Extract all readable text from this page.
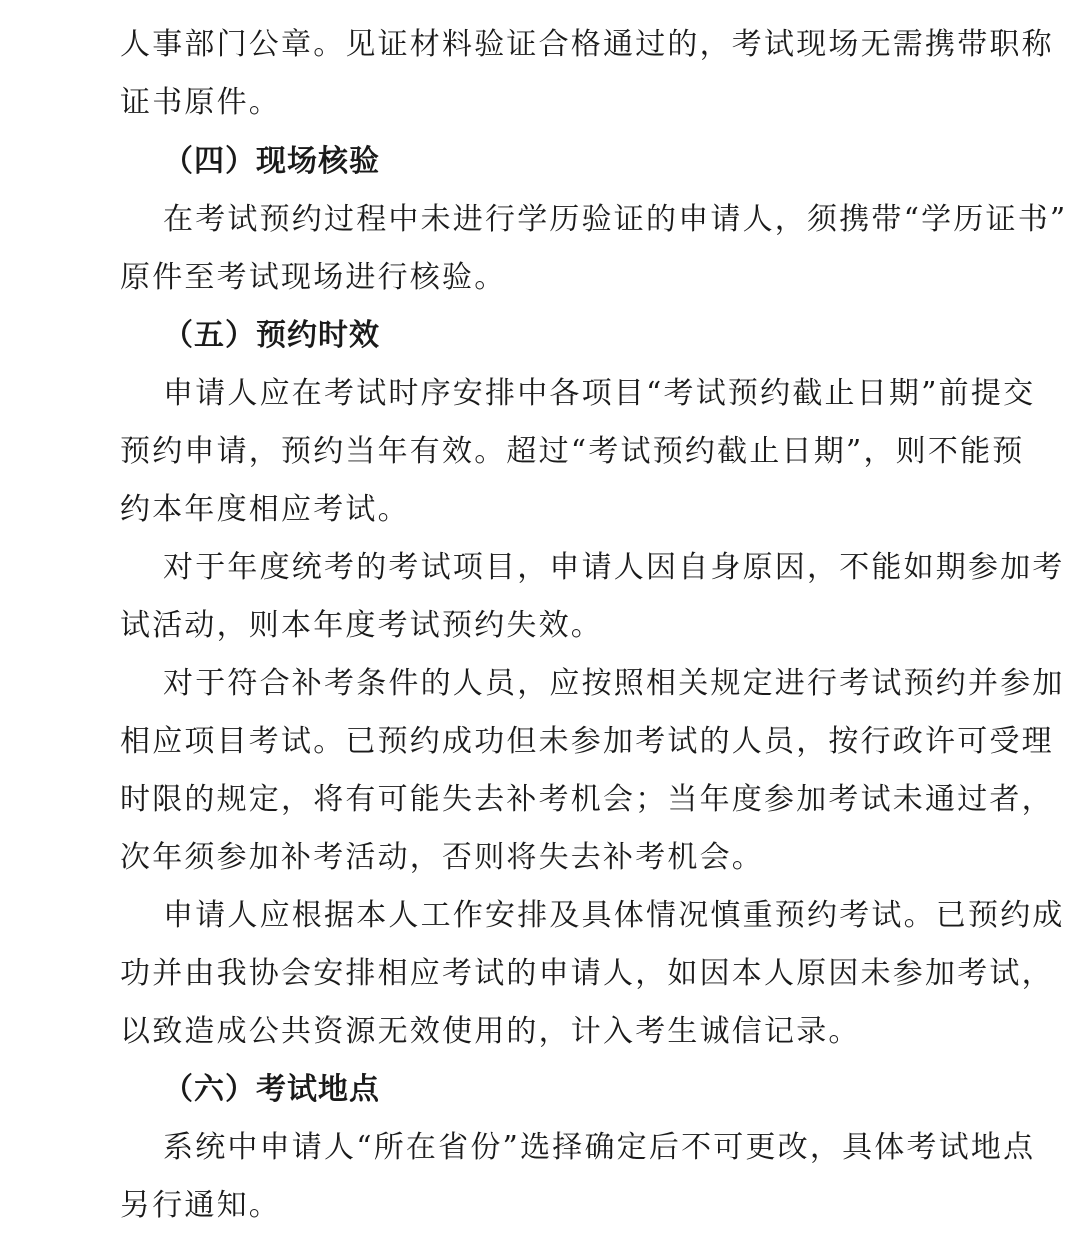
人事部门公章。见证材料验证合格通过的，考试现场无需携带职称
证书原件。
（四）现场核验
在考试预约过程中未进行学历验证的申请人，须携带“学历证书”
原件至考试现场进行核验。
（五）预约时效
申请人应在考试时序安排中各项目“考试预约截止日期”前提交
预约申请，预约当年有效。超过“考试预约截止日期”，则不能预
约本年度相应考试。
对于年度统考的考试项目，申请人因自身原因，不能如期参加考
试活动，则本年度考试预约失效。
对于符合补考条件的人员，应按照相关规定进行考试预约并参加
相应项目考试。已预约成功但未参加考试的人员，按行政许可受理
时限的规定，将有可能失去补考机会；当年度参加考试未通过者，
次年须参加补考活动，否则将失去补考机会。
申请人应根据本人工作安排及具体情况慎重预约考试。已预约成
功并由我协会安排相应考试的申请人，如因本人原因未参加考试，
以致造成公共资源无效使用的，计入考生诚信记录。
（六）考试地点
系统中申请人“所在省份”选择确定后不可更改，具体考试地点
另行通知。
